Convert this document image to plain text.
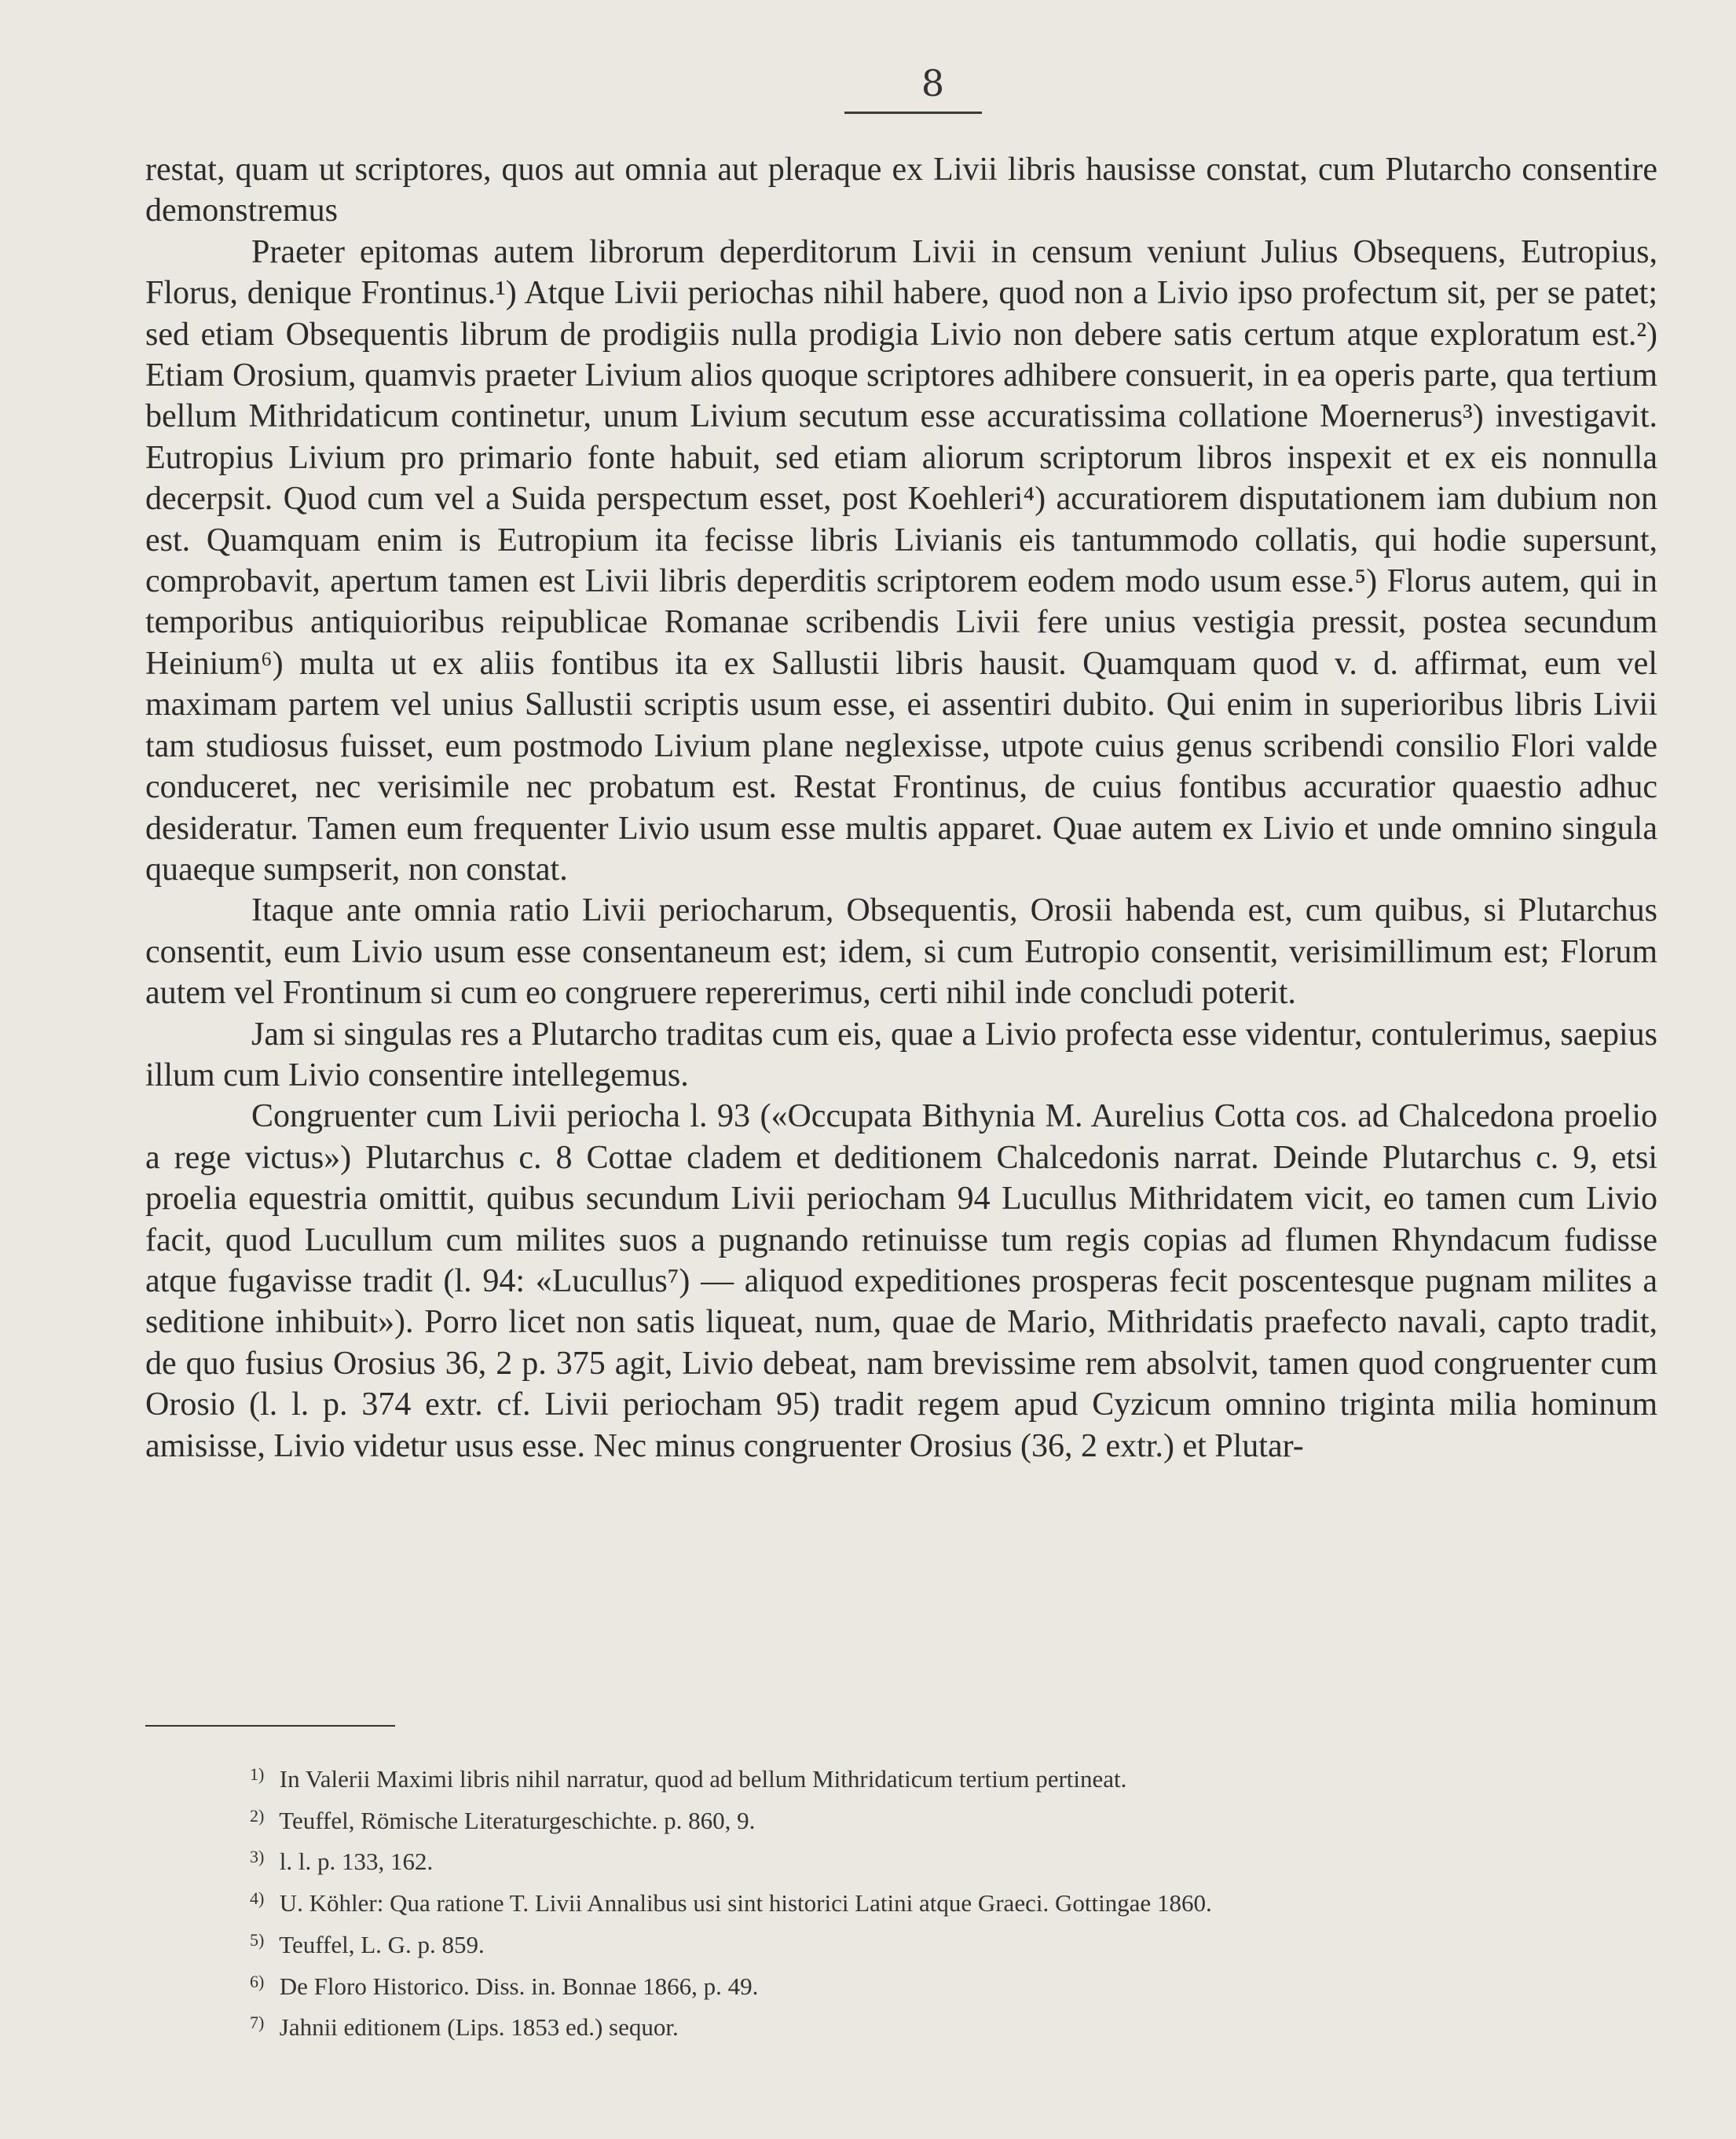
8

restat, quam ut scriptores, quos aut omnia aut pleraque ex Livii libris hausisse constat, cum Plutarcho consentire demonstremus

Praeter epitomas autem librorum deperditorum Livii in censum veniunt Julius Obsequens, Eutropius, Florus, denique Frontinus.¹) Atque Livii periochas nihil habere, quod non a Livio ipso profectum sit, per se patet; sed etiam Obsequentis librum de prodigiis nulla prodigia Livio non debere satis certum atque exploratum est.²) Etiam Orosium, quamvis praeter Livium alios quoque scriptores adhibere consuerit, in ea operis parte, qua tertium bellum Mithridaticum continetur, unum Livium secutum esse accuratissima collatione Moernerus³) investigavit. Eutropius Livium pro primario fonte habuit, sed etiam aliorum scriptorum libros inspexit et ex eis nonnulla decerpsit. Quod cum vel a Suida perspectum esset, post Koehleri⁴) accuratiorem disputationem iam dubium non est. Quamquam enim is Eutropium ita fecisse libris Livianis eis tantummodo collatis, qui hodie supersunt, comprobavit, apertum tamen est Livii libris deperditis scriptorem eodem modo usum esse.⁵) Florus autem, qui in temporibus antiquioribus reipublicae Romanae scribendis Livii fere unius vestigia pressit, postea secundum Heinium⁶) multa ut ex aliis fontibus ita ex Sallustii libris hausit. Quamquam quod v. d. affirmat, eum vel maximam partem vel unius Sallustii scriptis usum esse, ei assentiri dubito. Qui enim in superioribus libris Livii tam studiosus fuisset, eum postmodo Livium plane neglexisse, utpote cuius genus scribendi consilio Flori valde conduceret, nec verisimile nec probatum est. Restat Frontinus, de cuius fontibus accuratior quaestio adhuc desideratur. Tamen eum frequenter Livio usum esse multis apparet. Quae autem ex Livio et unde omnino singula quaeque sumpserit, non constat.

Itaque ante omnia ratio Livii periocharum, Obsequentis, Orosii habenda est, cum quibus, si Plutarchus consentit, eum Livio usum esse consentaneum est; idem, si cum Eutropio consentit, verisimillimum est; Florum autem vel Frontinum si cum eo congruere repererimus, certi nihil inde concludi poterit.

Jam si singulas res a Plutarcho traditas cum eis, quae a Livio profecta esse videntur, contulerimus, saepius illum cum Livio consentire intellegemus.

Congruenter cum Livii periocha l. 93 («Occupata Bithynia M. Aurelius Cotta cos. ad Chalcedona proelio a rege victus») Plutarchus c. 8 Cottae cladem et deditionem Chalcedonis narrat. Deinde Plutarchus c. 9, etsi proelia equestria omittit, quibus secundum Livii periocham 94 Lucullus Mithridatem vicit, eo tamen cum Livio facit, quod Lucullum cum milites suos a pugnando retinuisse tum regis copias ad flumen Rhyndacum fudisse atque fugavisse tradit (l. 94: «Lucullus⁷) — aliquod expeditiones prosperas fecit poscentesque pugnam milites a seditione inhibuit»). Porro licet non satis liqueat, num, quae de Mario, Mithridatis praefecto navali, capto tradit, de quo fusius Orosius 36, 2 p. 375 agit, Livio debeat, nam brevissime rem absolvit, tamen quod congruenter cum Orosio (l. l. p. 374 extr. cf. Livii periocham 95) tradit regem apud Cyzicum omnino triginta milia hominum amisisse, Livio videtur usus esse. Nec minus congruenter Orosius (36, 2 extr.) et Plutar-

1) In Valerii Maximi libris nihil narratur, quod ad bellum Mithridaticum tertium pertineat.
2) Teuffel, Römische Literaturgeschichte. p. 860, 9.
3) l. l. p. 133, 162.
4) U. Köhler: Qua ratione T. Livii Annalibus usi sint historici Latini atque Graeci. Gottingae 1860.
5) Teuffel, L. G. p. 859.
6) De Floro Historico. Diss. in. Bonnae 1866, p. 49.
7) Jahnii editionem (Lips. 1853 ed.) sequor.
